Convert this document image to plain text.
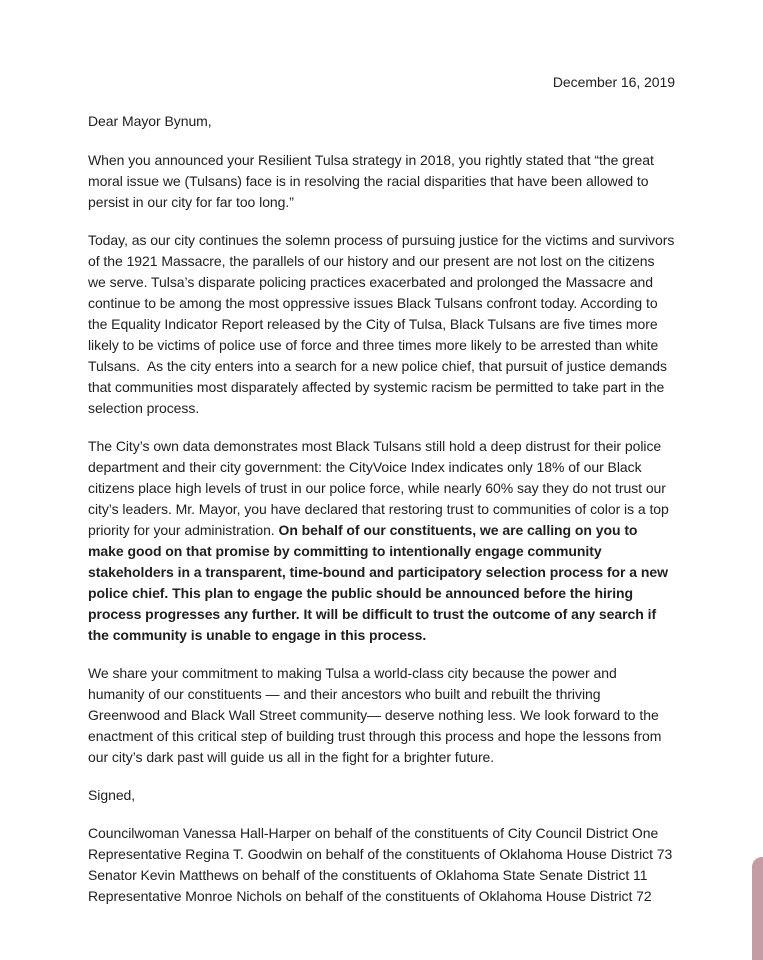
December 16, 2019

Dear Mayor Bynum,

When you announced your Resilient Tulsa strategy in 2018, you rightly stated that “the great moral issue we (Tulsans) face is in resolving the racial disparities that have been allowed to persist in our city for far too long.”

Today, as our city continues the solemn process of pursuing justice for the victims and survivors of the 1921 Massacre, the parallels of our history and our present are not lost on the citizens we serve. Tulsa’s disparate policing practices exacerbated and prolonged the Massacre and continue to be among the most oppressive issues Black Tulsans confront today. According to the Equality Indicator Report released by the City of Tulsa, Black Tulsans are five times more likely to be victims of police use of force and three times more likely to be arrested than white Tulsans.  As the city enters into a search for a new police chief, that pursuit of justice demands that communities most disparately affected by systemic racism be permitted to take part in the selection process.

The City’s own data demonstrates most Black Tulsans still hold a deep distrust for their police department and their city government: the CityVoice Index indicates only 18% of our Black citizens place high levels of trust in our police force, while nearly 60% say they do not trust our city’s leaders. Mr. Mayor, you have declared that restoring trust to communities of color is a top priority for your administration. On behalf of our constituents, we are calling on you to make good on that promise by committing to intentionally engage community stakeholders in a transparent, time-bound and participatory selection process for a new police chief. This plan to engage the public should be announced before the hiring process progresses any further. It will be difficult to trust the outcome of any search if the community is unable to engage in this process.

We share your commitment to making Tulsa a world-class city because the power and humanity of our constituents — and their ancestors who built and rebuilt the thriving Greenwood and Black Wall Street community— deserve nothing less. We look forward to the enactment of this critical step of building trust through this process and hope the lessons from our city’s dark past will guide us all in the fight for a brighter future.

Signed,

Councilwoman Vanessa Hall-Harper on behalf of the constituents of City Council District One

Representative Regina T. Goodwin on behalf of the constituents of Oklahoma House District 73

Senator Kevin Matthews on behalf of the constituents of Oklahoma State Senate District 11

Representative Monroe Nichols on behalf of the constituents of Oklahoma House District 72
